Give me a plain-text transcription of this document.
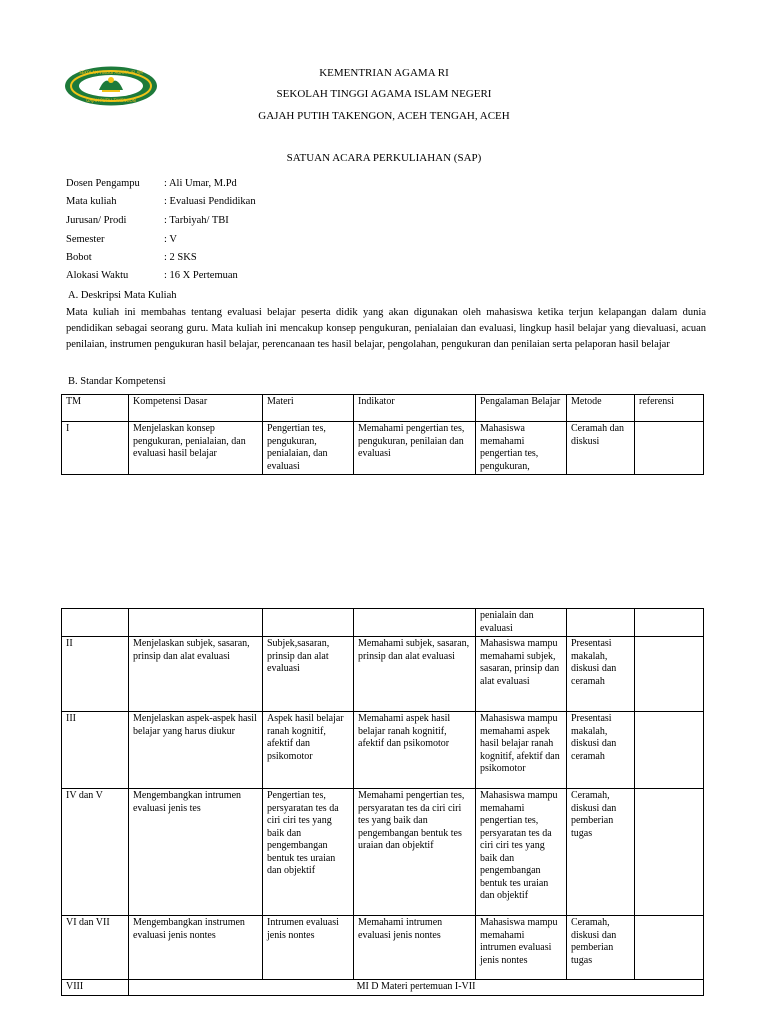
SEKOLAH TINGGI AGAMA ISLAM
GAJAH PUTIH TAKENGON
KEMENTRIAN AGAMA RI
SEKOLAH TINGGI AGAMA ISLAM NEGERI
GAJAH PUTIH TAKENGON, ACEH TENGAH, ACEH
SATUAN ACARA PERKULIAHAN (SAP)
Dosen Pengampu : Ali Umar, M.Pd
Mata kuliah	: Evaluasi Pendidikan
Jurusan/ Prodi	: Tarbiyah/ TBI
Semester	: V
Bobot	: 2 SKS
Alokasi Waktu	: 16 X Pertemuan
A. Deskripsi Mata Kuliah
Mata kuliah ini membahas tentang evaluasi belajar peserta didik yang akan digunakan oleh mahasiswa ketika terjun kelapangan dalam dunia pendidikan sebagai seorang guru. Mata kuliah ini mencakup konsep pengukuran, penialaian dan evaluasi, lingkup hasil belajar yang dievaluasi, acuan penilaian, instrumen pengukuran hasil belajar, perencanaan tes hasil belajar, pengolahan, pengukuran dan penilaian serta pelaporan hasil belajar
B. Standar Kompetensi
TM	Kompetensi Dasar	Materi	Indikator	Pengalaman Belajar	Metode	referensi
I	Menjelaskan konsep pengukuran, penialaian, dan evaluasi hasil belajar	Pengertian tes, pengukuran, penialaian, dan evaluasi	Memahami pengertian tes, pengukuran, penilaian dan evaluasi	Mahasiswa memahami pengertian tes, pengukuran,	Ceramah dan diskusi	
				penialain dan evaluasi		
II	Menjelaskan subjek, sasaran, prinsip dan alat evaluasi	Subjek,sasaran, prinsip dan alat evaluasi	Memahami subjek, sasaran, prinsip dan alat evaluasi	Mahasiswa mampu memahami subjek, sasaran, prinsip dan alat evaluasi	Presentasi makalah, diskusi dan ceramah	
III	Menjelaskan aspek-aspek hasil belajar yang harus diukur	Aspek hasil belajar ranah kognitif, afektif dan psikomotor	Memahami aspek hasil belajar ranah kognitif, afektif dan psikomotor	Mahasiswa mampu memahami aspek hasil belajar ranah kognitif, afektif dan psikomotor	Presentasi makalah, diskusi dan ceramah	
IV dan V	Mengembangkan intrumen evaluasi jenis tes	Pengertian tes, persyaratan tes da ciri ciri tes yang baik dan pengembangan bentuk tes uraian dan objektif	Memahami pengertian tes, persyaratan tes da ciri ciri tes yang baik dan pengembangan bentuk tes uraian dan objektif	Mahasiswa mampu memahami pengertian tes, persyaratan tes da ciri ciri tes yang baik dan pengembangan bentuk tes uraian dan objektif	Ceramah, diskusi dan pemberian tugas	
VI dan VII	Mengembangkan instrumen evaluasi jenis nontes	Intrumen evaluasi jenis nontes	Memahami intrumen evaluasi jenis nontes	Mahasiswa mampu memahami intrumen evaluasi jenis nontes	Ceramah, diskusi dan pemberian tugas	
VIII	MI D Materi pertemuan I-VII					
